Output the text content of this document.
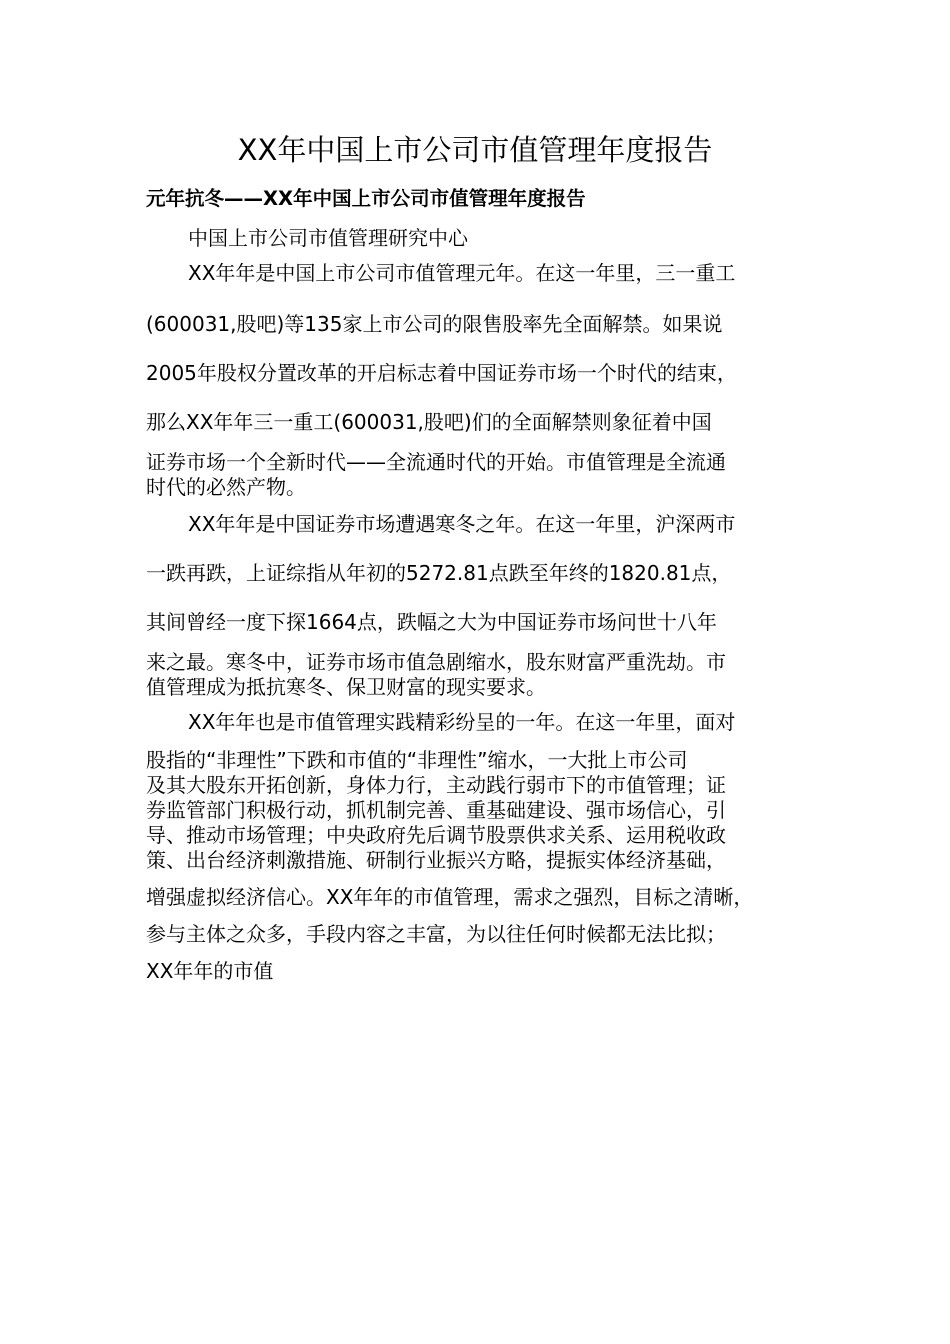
XX年中国上市公司市值管理年度报告
元年抗冬——XX年中国上市公司市值管理年度报告
中国上市公司市值管理研究中心
XX年年是中国上市公司市值管理元年。在这一年里，三一重工
(600031,股吧)等135家上市公司的限售股率先全面解禁。如果说
2005年股权分置改革的开启标志着中国证券市场一个时代的结束，
那么XX年年三一重工(600031,股吧)们的全面解禁则象征着中国
证券市场一个全新时代——全流通时代的开始。市值管理是全流通
时代的必然产物。
XX年年是中国证券市场遭遇寒冬之年。在这一年里，沪深两市
一跌再跌，上证综指从年初的5272.81点跌至年终的1820.81点，
其间曾经一度下探1664点，跌幅之大为中国证券市场问世十八年
来之最。寒冬中，证券市场市值急剧缩水，股东财富严重洗劫。市
值管理成为抵抗寒冬、保卫财富的现实要求。
XX年年也是市值管理实践精彩纷呈的一年。在这一年里，面对
股指的“非理性”下跌和市值的“非理性”缩水，一大批上市公司
及其大股东开拓创新，身体力行，主动践行弱市下的市值管理；证
券监管部门积极行动，抓机制完善、重基础建设、强市场信心，引
导、推动市场管理；中央政府先后调节股票供求关系、运用税收政
策、出台经济刺激措施、研制行业振兴方略，提振实体经济基础，
增强虚拟经济信心。XX年年的市值管理，需求之强烈，目标之清晰，
参与主体之众多，手段内容之丰富，为以往任何时候都无法比拟；
XX年年的市值
